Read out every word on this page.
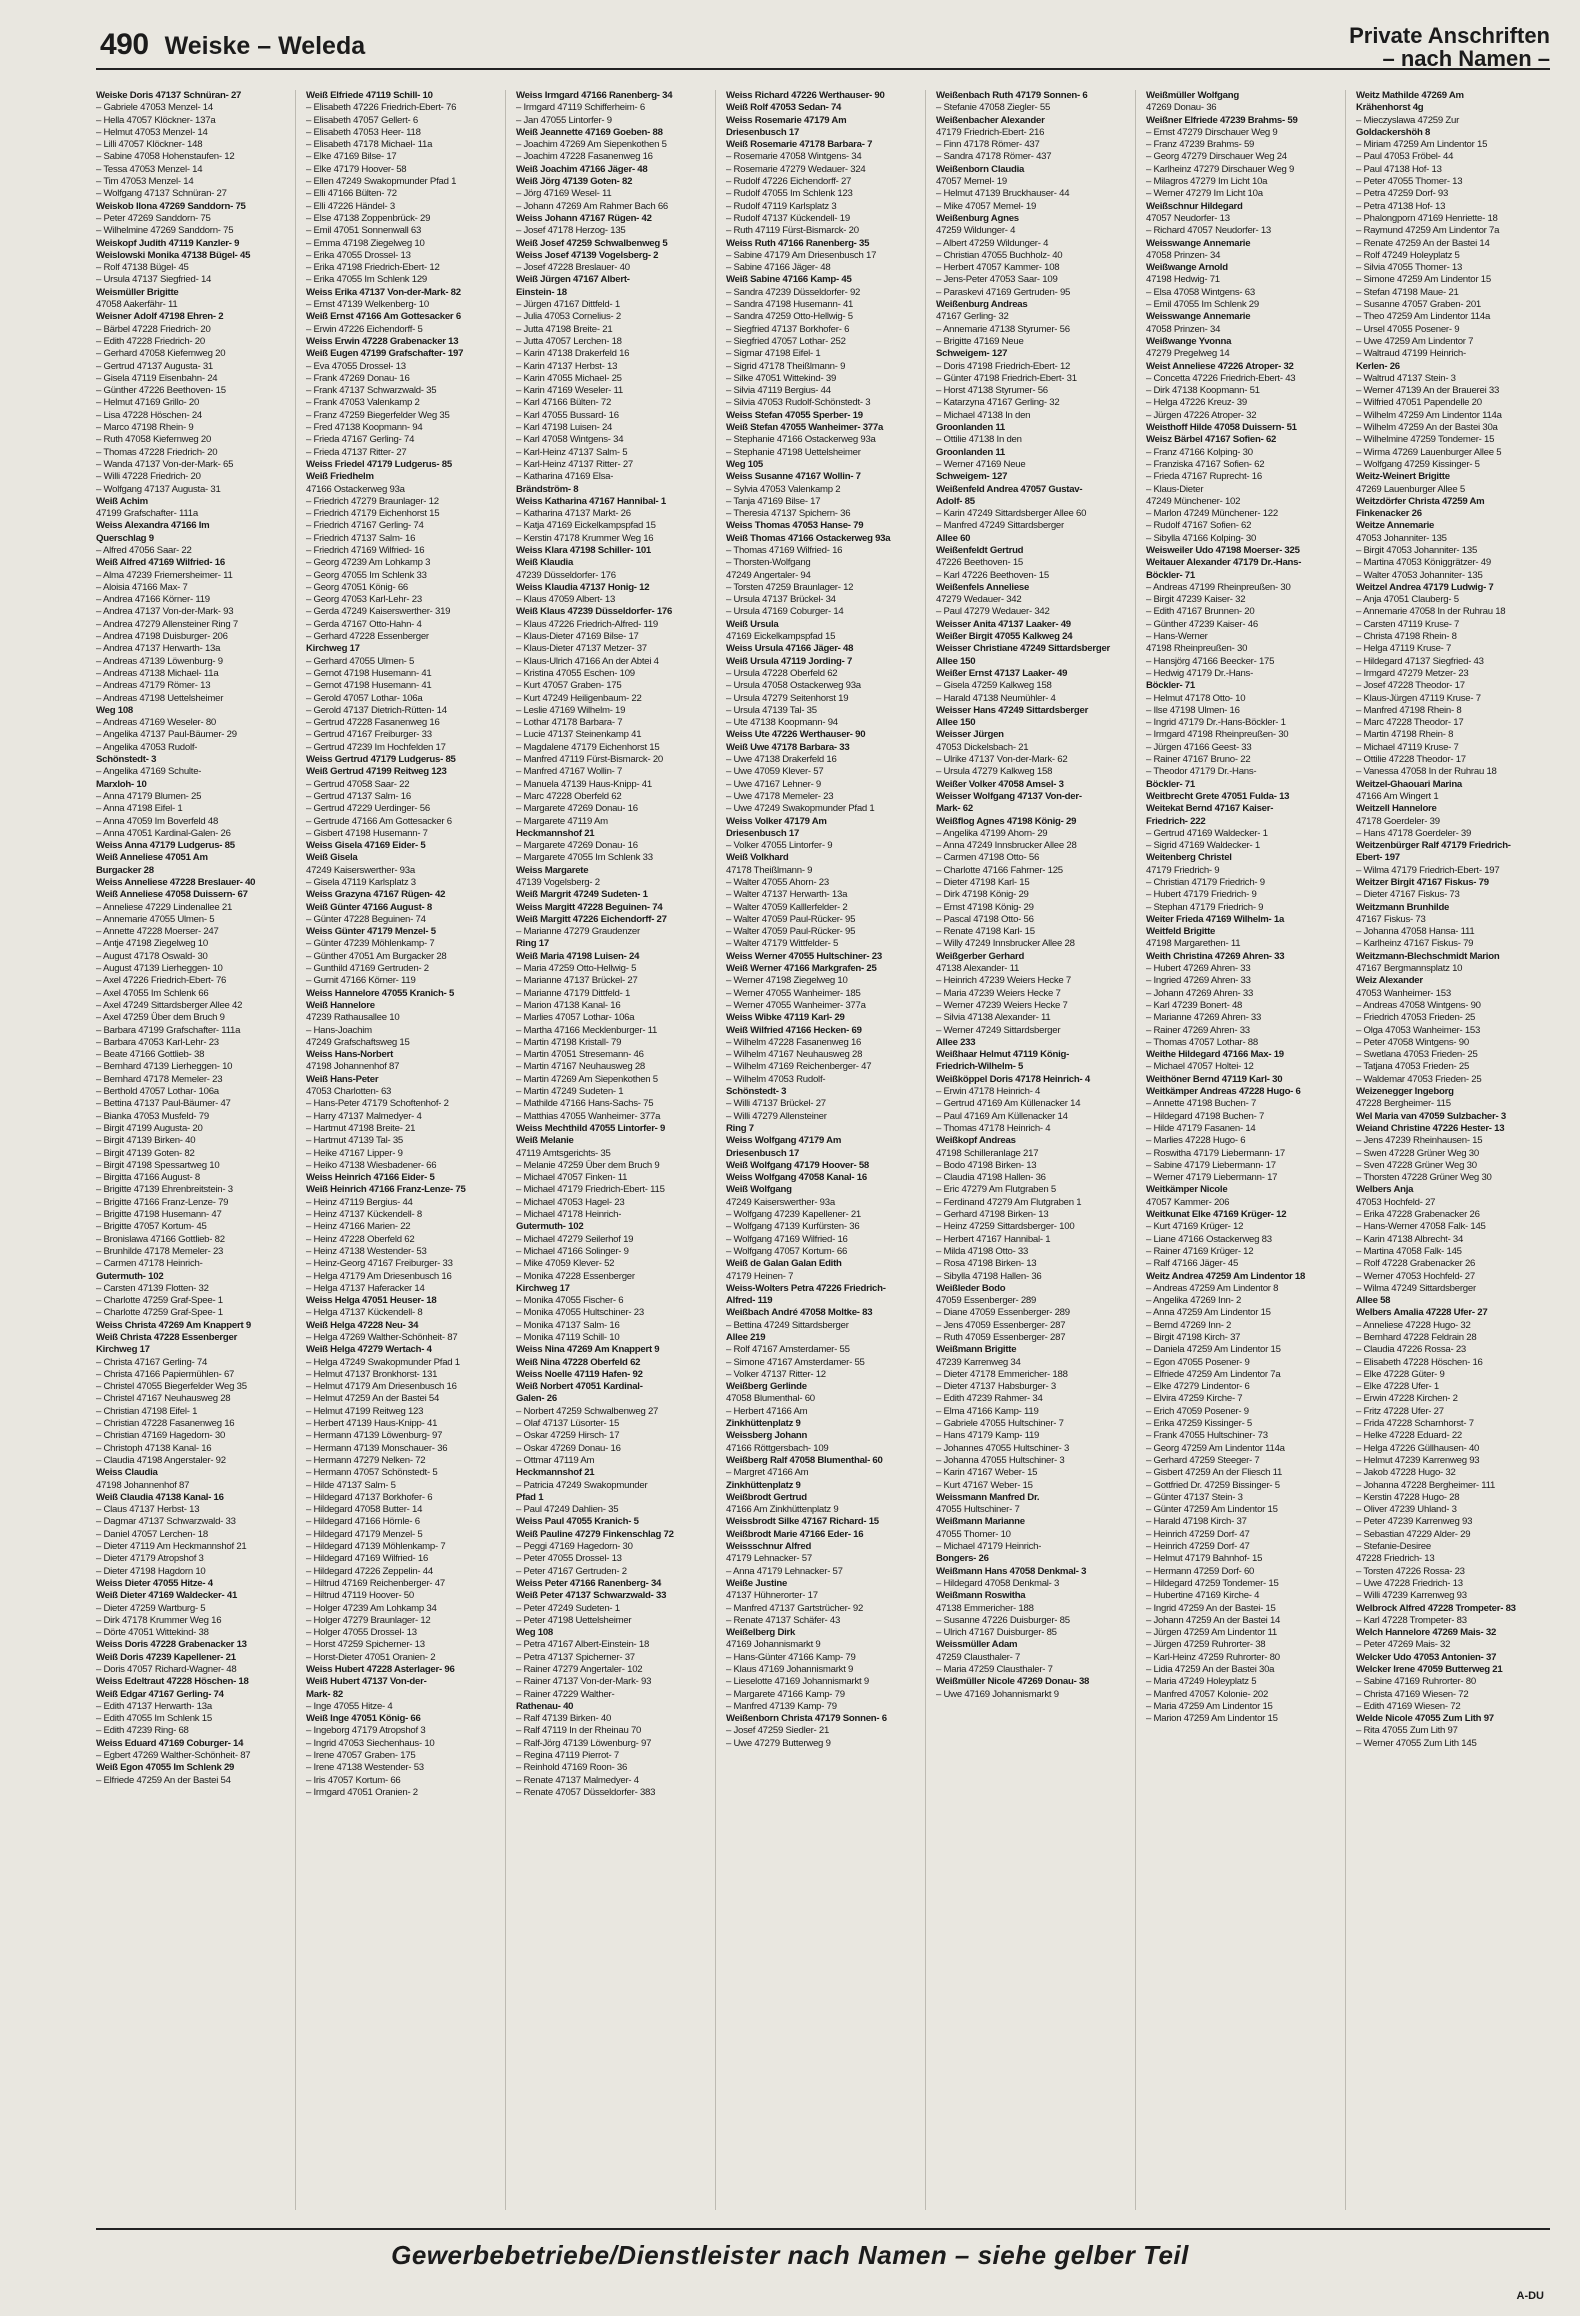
490 Weiske – Weleda	Private Anschriften
– nach Namen –
Weiske Doris 47137 Schnüran- 27
– Gabriele 47053 Menzel- 14
– Hella 47057 Klöckner- 137a
– Helmut 47053 Menzel- 14
– Lilli 47057 Klöckner- 148
– Sabine 47058 Hohenstaufen- 12
– Tessa 47053 Menzel- 14
– Tim 47053 Menzel- 14
– Wolfgang 47137 Schnüran- 27
Weiskob Ilona 47269 Sanddorn- 75
– Peter 47269 Sanddorn- 75
– Wilhelmine 47269 Sanddorn- 75
Weiskopf Judith 47119 Kanzler- 9
Weislowski Monika 47138 Bügel- 45
– Rolf 47138 Bügel- 45
– Ursula 47137 Siegfried- 14
Weismüller Brigitte
47058 Aakerfähr- 11
Weisner Adolf 47198 Ehren- 2
– Bärbel 47228 Friedrich- 20
– Edith 47228 Friedrich- 20
– Gerhard 47058 Kiefernweg 20
– Gertrud 47137 Augusta- 31
– Gisela 47119 Eisenbahn- 24
– Günther 47226 Beethoven- 15
– Helmut 47169 Grillo- 20
– Lisa 47228 Höschen- 24
– Marco 47198 Rhein- 9
– Ruth 47058 Kiefernweg 20
– Thomas 47228 Friedrich- 20
– Wanda 47137 Von-der-Mark- 65
– Willi 47228 Friedrich- 20
– Wolfgang 47137 Augusta- 31
Weiß Achim
47199 Grafschafter- 111a
Weiss Alexandra 47166 Im
Querschlag 9
– Alfred 47056 Saar- 22
Weiß Alfred 47169 Wilfried- 16
– Alma 47239 Friemersheimer- 11
– Aloisia 47166 Max- 7
– Andrea 47166 Körner- 119
– Andrea 47137 Von-der-Mark- 93
– Andrea 47279 Allensteiner Ring 7
– Andrea 47198 Duisburger- 206
– Andrea 47137 Herwarth- 13a
– Andreas 47139 Löwenburg- 9
– Andreas 47138 Michael- 11a
– Andreas 47179 Römer- 13
– Andreas 47198 Uettelsheimer
Weg 108
– Andreas 47169 Weseler- 80
– Angelika 47137 Paul-Bäumer- 29
– Angelika 47053 Rudolf-
Schönstedt- 3
– Angelika 47169 Schulte-
Marxloh- 10
– Anna 47179 Blumen- 25
– Anna 47198 Eifel- 1
– Anna 47059 Im Boverfeld 48
– Anna 47051 Kardinal-Galen- 26
Weiss Anna 47179 Ludgerus- 85
Weiß Anneliese 47051 Am
Burgacker 28
Weiss Anneliese 47228 Breslauer- 40
Weiß Anneliese 47058 Duissern- 67
– Anneliese 47229 Lindenallee 21
– Annemarie 47055 Ulmen- 5
– Annette 47228 Moerser- 247
– Antje 47198 Ziegelweg 10
– August 47178 Oswald- 30
– August 47139 Lierheggen- 10
– Axel 47226 Friedrich-Ebert- 76
– Axel 47055 Im Schlenk 66
– Axel 47249 Sittardsberger Allee 42
– Axel 47259 Über dem Bruch 9
– Barbara 47199 Grafschafter- 111a
– Barbara 47053 Karl-Lehr- 23
– Beate 47166 Gottlieb- 38
– Bernhard 47139 Lierheggen- 10
– Bernhard 47178 Memeler- 23
– Berthold 47057 Lothar- 106a
– Bettina 47137 Paul-Bäumer- 47
– Bianka 47053 Musfeld- 79
– Birgit 47199 Augusta- 20
– Birgit 47139 Birken- 40
– Birgit 47139 Goten- 82
– Birgit 47198 Spessartweg 10
– Birgitta 47166 August- 8
– Brigitte 47139 Ehrenbreitstein- 3
– Brigitte 47166 Franz-Lenze- 79
– Brigitte 47198 Husemann- 47
– Brigitte 47057 Kortum- 45
– Bronislawa 47166 Gottlieb- 82
– Brunhilde 47178 Memeler- 23
– Carmen 47178 Heinrich-
Gutermuth- 102
– Carsten 47139 Flotten- 32
– Charlotte 47259 Graf-Spee- 1
– Charlotte 47259 Graf-Spee- 1
Weiss Christa 47269 Am Knappert 9
Weiß Christa 47228 Essenberger
Kirchweg 17
– Christa 47167 Gerling- 74
– Christa 47166 Papiermühlen- 67
– Christel 47055 Biegerfelder Weg 35
– Christel 47167 Neuhausweg 28
– Christian 47198 Eifel- 1
– Christian 47228 Fasanenweg 16
– Christian 47169 Hagedorn- 30
– Christoph 47138 Kanal- 16
– Claudia 47198 Angerstaler- 92
Weiss Claudia
47198 Johannenhof 87
Weiß Claudia 47138 Kanal- 16
– Claus 47137 Herbst- 13
– Dagmar 47137 Schwarzwald- 33
– Daniel 47057 Lerchen- 18
– Dieter 47119 Am Heckmannshof 21
– Dieter 47179 Atropshof 3
– Dieter 47198 Hagdorn 10
Weiss Dieter 47055 Hitze- 4
Weiß Dieter 47169 Waldecker- 41
– Dieter 47259 Wartburg- 5
– Dirk 47178 Krummer Weg 16
– Dörte 47051 Wittekind- 38
Weiss Doris 47228 Grabenacker 13
Weiß Doris 47239 Kapellener- 21
– Doris 47057 Richard-Wagner- 48
Weiss Edeltraut 47228 Höschen- 18
Weiß Edgar 47167 Gerling- 74
– Edith 47137 Herwarth- 13a
– Edith 47055 Im Schlenk 15
– Edith 47239 Ring- 68
Weiss Eduard 47169 Coburger- 14
– Egbert 47269 Walther-Schönheit- 87
Weiß Egon 47055 Im Schlenk 29
– Elfriede 47259 An der Bastei 54
Weiß Elfriede 47119 Schill- 10
– Elisabeth 47226 Friedrich-Ebert- 76
– Elisabeth 47057 Gellert- 6
– Elisabeth 47053 Heer- 118
– Elisabeth 47178 Michael- 11a
– Elke 47169 Bilse- 17
– Elke 47179 Hoover- 58
– Ellen 47249 Swakopmunder Pfad 1
– Elli 47166 Bülten- 72
– Elli 47226 Händel- 3
– Else 47138 Zoppenbrück- 29
– Emil 47051 Sonnenwall 63
– Emma 47198 Ziegelweg 10
– Erika 47055 Drossel- 13
– Erika 47198 Friedrich-Ebert- 12
– Erika 47055 Im Schlenk 129
Weiss Erika 47137 Von-der-Mark- 82
– Ernst 47139 Welkenberg- 10
Weiß Ernst 47166 Am Gottesacker 6
– Erwin 47226 Eichendorff- 5
Weiss Erwin 47228 Grabenacker 13
Weiß Eugen 47199 Grafschafter- 197
– Eva 47055 Drossel- 13
– Frank 47269 Donau- 16
– Frank 47137 Schwarzwald- 35
– Frank 47053 Valenkamp 2
– Franz 47259 Biegerfelder Weg 35
– Fred 47138 Koopmann- 94
– Frieda 47167 Gerling- 74
– Frieda 47137 Ritter- 27
Weiss Friedel 47179 Ludgerus- 85
Weiß Friedhelm
47166 Ostackerweg 93a
– Friedrich 47279 Braunlager- 12
– Friedrich 47179 Eichenhorst 15
– Friedrich 47167 Gerling- 74
– Friedrich 47137 Salm- 16
– Friedrich 47169 Wilfried- 16
– Georg 47239 Am Lohkamp 3
– Georg 47055 Im Schlenk 33
– Georg 47051 König- 66
– Georg 47053 Karl-Lehr- 23
– Gerda 47249 Kaiserswerther- 319
– Gerda 47167 Otto-Hahn- 4
– Gerhard 47228 Essenberger
Kirchweg 17
– Gerhard 47055 Ulmen- 5
– Gernot 47198 Husemann- 41
– Gernot 47198 Husemann- 41
– Gerold 47057 Lothar- 106a
– Gerold 47137 Dietrich-Rütten- 14
– Gertrud 47228 Fasanenweg 16
– Gertrud 47167 Freiburger- 33
– Gertrud 47239 Im Hochfelden 17
Weiss Gertrud 47179 Ludgerus- 85
Weiß Gertrud 47199 Reitweg 123
– Gertrud 47058 Saar- 22
– Gertrud 47137 Salm- 16
– Gertrud 47229 Uerdinger- 56
– Gertrude 47166 Am Gottesacker 6
– Gisbert 47198 Husemann- 7
Weiss Gisela 47169 Eider- 5
Weiß Gisela
47249 Kaiserswerther- 93a
– Gisela 47119 Karlsplatz 3
Weiss Grazyna 47167 Rügen- 42
Weiß Günter 47166 August- 8
– Günter 47228 Beguinen- 74
Weiss Günter 47179 Menzel- 5
– Günter 47239 Möhlenkamp- 7
– Günther 47051 Am Burgacker 28
– Gunthild 47169 Gertruden- 2
– Gurnit 47166 Körner- 119
Weiss Hannelore 47055 Kranich- 5
Weiß Hannelore
47239 Rathausallee 10
– Hans-Joachim
47249 Grafschaftsweg 15
Weiss Hans-Norbert
47198 Johannenhof 87
Weiß Hans-Peter
47053 Charlotten- 63
– Hans-Peter 47179 Schoftenhof- 2
– Harry 47137 Malmedyer- 4
– Hartmut 47198 Breite- 21
– Hartmut 47139 Tal- 35
– Heike 47167 Lipper- 9
– Heiko 47138 Wiesbadener- 66
Weiss Heinrich 47166 Eider- 5
Weiß Heinrich 47166 Franz-Lenze- 75
– Heinz 47119 Bergius- 44
– Heinz 47137 Kückendell- 8
– Heinz 47166 Marien- 22
– Heinz 47228 Oberfeld 62
– Heinz 47138 Westender- 53
– Heinz-Georg 47167 Freiburger- 33
– Helga 47179 Am Driesenbusch 16
– Helga 47137 Haferacker 14
Weiss Helga 47051 Heuser- 18
– Helga 47137 Kückendell- 8
Weiß Helga 47228 Neu- 34
– Helga 47269 Walther-Schönheit- 87
Weiß Helga 47279 Wertach- 4
– Helga 47249 Swakopmunder Pfad 1
– Helmut 47137 Bronkhorst- 131
– Helmut 47179 Am Driesenbusch 16
– Helmut 47259 An der Bastei 54
– Helmut 47199 Reitweg 123
– Herbert 47139 Haus-Knipp- 41
– Hermann 47139 Löwenburg- 97
– Hermann 47139 Monschauer- 36
– Hermann 47279 Nelken- 72
– Hermann 47057 Schönstedt- 5
– Hilde 47137 Salm- 5
– Hildegard 47137 Borkhofer- 6
– Hildegard 47058 Butter- 14
– Hildegard 47166 Hörnle- 6
– Hildegard 47179 Menzel- 5
– Hildegard 47139 Möhlenkamp- 7
– Hildegard 47169 Wilfried- 16
– Hildegard 47226 Zeppelin- 44
– Hiltrud 47169 Reichenberger- 47
– Hiltrud 47119 Hoover- 50
– Holger 47239 Am Lohkamp 34
– Holger 47279 Braunlager- 12
– Holger 47055 Drossel- 13
– Horst 47259 Spicherner- 13
– Horst-Dieter 47051 Oranien- 2
Weiss Hubert 47228 Asterlager- 96
Weiß Hubert 47137 Von-der-
Mark- 82
– Inge 47055 Hitze- 4
Weiß Inge 47051 König- 66
– Ingeborg 47179 Atropshof 3
– Ingrid 47053 Siechenhaus- 10
– Irene 47057 Graben- 175
– Irene 47138 Westender- 53
– Iris 47057 Kortum- 66
– Irmgard 47051 Oranien- 2
Weiss Irmgard 47166 Ranenberg- 34
– Irmgard 47119 Schifferheim- 6
– Jan 47055 Lintorfer- 9
Weiß Jeannette 47169 Goeben- 88
– Joachim 47269 Am Siepenkothen 5
– Joachim 47228 Fasanenweg 16
Weiß Joachim 47166 Jäger- 48
Weiß Jörg 47139 Goten- 82
– Jörg 47169 Wesel- 11
– Johann 47269 Am Rahmer Bach 66
Weiss Johann 47167 Rügen- 42
– Josef 47178 Herzog- 135
Weiß Josef 47259 Schwalbenweg 5
Weiss Josef 47139 Vogelsberg- 2
– Josef 47228 Breslauer- 40
Weiß Jürgen 47167 Albert-
Einstein- 18
– Jürgen 47167 Dittfeld- 1
– Julia 47053 Cornelius- 2
– Jutta 47198 Breite- 21
– Jutta 47057 Lerchen- 18
– Karin 47138 Drakerfeld 16
– Karin 47137 Herbst- 13
– Karin 47055 Michael- 25
– Karin 47169 Weseler- 11
– Karl 47166 Bülten- 72
– Karl 47055 Bussard- 16
– Karl 47198 Luisen- 24
– Karl 47058 Wintgens- 34
– Karl-Heinz 47137 Salm- 5
– Karl-Heinz 47137 Ritter- 27
– Katharina 47169 Elsa-
Brändström- 8
Weiss Katharina 47167 Hannibal- 1
– Katharina 47137 Markt- 26
– Katja 47169 Eickelkampspfad 15
– Kerstin 47178 Krummer Weg 16
Weiss Klara 47198 Schiller- 101
Weiß Klaudia
47239 Düsseldorfer- 176
Weiss Klaudia 47137 Honig- 12
– Klaus 47059 Albert- 13
Weiß Klaus 47239 Düsseldorfer- 176
– Klaus 47226 Friedrich-Alfred- 119
– Klaus-Dieter 47169 Bilse- 17
– Klaus-Dieter 47137 Metzer- 37
– Klaus-Ulrich 47166 An der Abtei 4
– Kristina 47055 Eschen- 109
– Kurt 47057 Graben- 175
– Kurt 47249 Heiligenbaum- 22
– Leslie 47169 Wilhelm- 19
– Lothar 47178 Barbara- 7
– Lucie 47137 Steinenkamp 41
– Magdalene 47179 Eichenhorst 15
– Manfred 47119 Fürst-Bismarck- 20
– Manfred 47167 Wollin- 7
– Manuela 47139 Haus-Knipp- 41
– Marc 47228 Oberfeld 62
– Margarete 47269 Donau- 16
– Margarete 47119 Am
Heckmannshof 21
– Margarete 47269 Donau- 16
– Margarete 47055 Im Schlenk 33
Weiss Margarete
47139 Vogelsberg- 2
Weiß Margrit 47249 Sudeten- 1
Weiss Margitt 47228 Beguinen- 74
Weiß Margitt 47226 Eichendorff- 27
– Marianne 47279 Graudenzer
Ring 17
Weiß Maria 47198 Luisen- 24
– Maria 47259 Otto-Hellwig- 5
– Marianne 47137 Brückel- 27
– Marianne 47179 Dittfeld- 1
– Marion 47138 Kanal- 16
– Marlies 47057 Lothar- 106a
– Martha 47166 Mecklenburger- 11
– Martin 47198 Kristall- 79
– Martin 47051 Stresemann- 46
– Martin 47167 Neuhausweg 28
– Martin 47269 Am Siepenkothen 5
– Martin 47249 Sudeten- 1
– Mathilde 47166 Hans-Sachs- 75
– Matthias 47055 Wanheimer- 377a
Weiss Mechthild 47055 Lintorfer- 9
Weiß Melanie
47119 Amtsgerichts- 35
– Melanie 47259 Über dem Bruch 9
– Michael 47057 Finken- 11
– Michael 47179 Friedrich-Ebert- 115
– Michael 47053 Hagel- 23
– Michael 47178 Heinrich-
Gutermuth- 102
– Michael 47279 Seilerhof 19
– Michael 47166 Solinger- 9
– Mike 47059 Klever- 52
– Monika 47228 Essenberger
Kirchweg 17
– Monika 47055 Fischer- 6
– Monika 47055 Hultschiner- 23
– Monika 47137 Salm- 16
– Monika 47119 Schill- 10
Weiss Nina 47269 Am Knappert 9
Weiß Nina 47228 Oberfeld 62
Weiss Noelle 47119 Hafen- 92
Weiß Norbert 47051 Kardinal-
Galen- 26
– Norbert 47259 Schwalbenweg 27
– Olaf 47137 Lüsorter- 15
– Oskar 47259 Hirsch- 17
– Oskar 47269 Donau- 16
– Ottmar 47119 Am
Heckmannshof 21
– Patricia 47249 Swakopmunder
Pfad 1
– Paul 47249 Dahlien- 35
Weiss Paul 47055 Kranich- 5
Weiß Pauline 47279 Finkenschlag 72
– Peggi 47169 Hagedorn- 30
– Peter 47055 Drossel- 13
– Peter 47167 Gertruden- 2
Weiss Peter 47166 Ranenberg- 34
Weiß Peter 47137 Schwarzwald- 33
– Peter 47249 Sudeten- 1
– Peter 47198 Uettelsheimer
Weg 108
– Petra 47167 Albert-Einstein- 18
– Petra 47137 Spicherner- 37
– Rainer 47279 Angertaler- 102
– Rainer 47137 Von-der-Mark- 93
– Rainer 47229 Walther-
Rathenau- 40
– Ralf 47139 Birken- 40
– Ralf 47119 In der Rheinau 70
– Ralf-Jörg 47139 Löwenburg- 97
– Regina 47119 Pierrot- 7
– Reinhold 47169 Roon- 36
– Renate 47137 Malmedyer- 4
– Renate 47057 Düsseldorfer- 383
Weiss Richard 47226 Werthauser- 90
Weiß Rolf 47053 Sedan- 74
Weiss Rosemarie 47179 Am
Driesenbusch 17
Weiß Rosemarie 47178 Barbara- 7
– Rosemarie 47058 Wintgens- 34
– Rosemarie 47279 Wedauer- 324
– Rudolf 47226 Eichendorff- 27
– Rudolf 47055 Im Schlenk 123
– Rudolf 47119 Karlsplatz 3
– Rudolf 47137 Kückendell- 19
– Ruth 47119 Fürst-Bismarck- 20
Weiss Ruth 47166 Ranenberg- 35
– Sabine 47179 Am Driesenbusch 17
– Sabine 47166 Jäger- 48
Weiß Sabine 47166 Kamp- 45
– Sandra 47239 Düsseldorfer- 92
– Sandra 47198 Husemann- 41
– Sandra 47259 Otto-Hellwig- 5
– Siegfried 47137 Borkhofer- 6
– Siegfried 47057 Lothar- 252
– Sigmar 47198 Eifel- 1
– Sigrid 47178 Theißlmann- 9
– Silke 47051 Wittekind- 39
– Silvia 47119 Bergius- 44
– Silvia 47053 Rudolf-Schönstedt- 3
Weiss Stefan 47055 Sperber- 19
Weiß Stefan 47055 Wanheimer- 377a
– Stephanie 47166 Ostackerweg 93a
– Stephanie 47198 Uettelsheimer
Weg 105
Weiss Susanne 47167 Wollin- 7
– Sylvia 47053 Valenkamp 2
– Tanja 47169 Bilse- 17
– Theresia 47137 Spichern- 36
Weiss Thomas 47053 Hanse- 79
Weiß Thomas 47166 Ostackerweg 93a
– Thomas 47169 Wilfried- 16
– Thorsten-Wolfgang
47249 Angertaler- 94
– Torsten 47259 Braunlager- 12
– Ursula 47137 Brückel- 34
– Ursula 47169 Coburger- 14
Weiß Ursula
47169 Eickelkampspfad 15
Weiss Ursula 47166 Jäger- 48
Weiß Ursula 47119 Jording- 7
– Ursula 47228 Oberfeld 62
– Ursula 47058 Ostackerweg 93a
– Ursula 47279 Seitenhorst 19
– Ursula 47139 Tal- 35
– Ute 47138 Koopmann- 94
Weiss Ute 47226 Werthauser- 90
Weiß Uwe 47178 Barbara- 33
– Uwe 47138 Drakerfeld 16
– Uwe 47059 Klever- 57
– Uwe 47167 Lehner- 9
– Uwe 47178 Memeler- 23
– Uwe 47249 Swakopmunder Pfad 1
Weiss Volker 47179 Am
Driesenbusch 17
– Volker 47055 Lintorfer- 9
Weiß Volkhard
47178 Theißlmann- 9
– Walter 47055 Ahorn- 23
– Walter 47137 Herwarth- 13a
– Walter 47059 Kalllerfelder- 2
– Walter 47059 Paul-Rücker- 95
– Walter 47059 Paul-Rücker- 95
– Walter 47179 Wittfelder- 5
Weiss Werner 47055 Hultschiner- 23
Weiß Werner 47166 Markgrafen- 25
– Werner 47198 Ziegelweg 10
– Werner 47055 Wanheimer- 185
– Werner 47055 Wanheimer- 377a
Weiss Wibke 47119 Karl- 29
Weiß Wilfried 47166 Hecken- 69
– Wilhelm 47228 Fasanenweg 16
– Wilhelm 47167 Neuhausweg 28
– Wilhelm 47169 Reichenberger- 47
– Wilhelm 47053 Rudolf-
Schönstedt- 3
– Willi 47137 Brückel- 27
– Willi 47279 Allensteiner
Ring 7
Weiss Wolfgang 47179 Am
Driesenbusch 17
Weiß Wolfgang 47179 Hoover- 58
Weiss Wolfgang 47058 Kanal- 16
Weiß Wolfgang
47249 Kaiserswerther- 93a
– Wolfgang 47239 Kapellener- 21
– Wolfgang 47139 Kurfürsten- 36
– Wolfgang 47169 Wilfried- 16
– Wolfgang 47057 Kortum- 66
Weiß de Galan Galan Edith
47179 Heinen- 7
Weiss-Wolters Petra 47226 Friedrich-
Alfred- 119
Weißbach André 47058 Moltke- 83
– Bettina 47249 Sittardsberger
Allee 219
– Rolf 47167 Amsterdamer- 55
– Simone 47167 Amsterdamer- 55
– Volker 47137 Ritter- 12
Weißberg Gerlinde
47058 Blumenthal- 60
– Herbert 47166 Am
Zinkhüttenplatz 9
Weissberg Johann
47166 Röttgersbach- 109
Weißberg Ralf 47058 Blumenthal- 60
– Margret 47166 Am
Zinkhüttenplatz 9
Weißbrodt Gertrud
47166 Am Zinkhüttenplatz 9
Weissbrodt Silke 47167 Richard- 15
Weißbrodt Marie 47166 Eder- 16
Weissschnur Alfred
47179 Lehnacker- 57
– Anna 47179 Lehnacker- 57
Weiße Justine
47137 Hühnerorter- 17
– Manfred 47137 Gartstrücher- 92
– Renate 47137 Schäfer- 43
Weißelberg Dirk
47169 Johannismarkt 9
– Hans-Günter 47166 Kamp- 79
– Klaus 47169 Johannismarkt 9
– Lieselotte 47169 Johannismarkt 9
– Margarete 47166 Kamp- 79
– Manfred 47139 Kamp- 79
Weißenborn Christa 47179 Sonnen- 6
– Josef 47259 Siedler- 21
– Uwe 47279 Butterweg 9
Weißenbach Ruth 47179 Sonnen- 6
– Stefanie 47058 Ziegler- 55
Weißenbacher Alexander
47179 Friedrich-Ebert- 216
– Finn 47178 Römer- 437
– Sandra 47178 Römer- 437
Weißenborn Claudia
47057 Memel- 19
– Helmut 47139 Bruckhauser- 44
– Mike 47057 Memel- 19
Weißenburg Agnes
47259 Wildunger- 4
– Albert 47259 Wildunger- 4
– Christian 47055 Buchholz- 40
– Herbert 47057 Kammer- 108
– Jens-Peter 47053 Saar- 109
– Paraskevi 47169 Gertruden- 95
Weißenburg Andreas
47167 Gerling- 32
– Annemarie 47138 Styrumer- 56
– Brigitte 47169 Neue
Schweigem- 127
– Doris 47198 Friedrich-Ebert- 12
– Günter 47198 Friedrich-Ebert- 31
– Horst 47138 Styrumer- 56
– Katarzyna 47167 Gerling- 32
– Michael 47138 In den
Groonlanden 11
– Ottilie 47138 In den
Groonlanden 11
– Werner 47169 Neue
Schweigem- 127
Weißenfeld Andrea 47057 Gustav-
Adolf- 85
– Karin 47249 Sittardsberger Allee 60
– Manfred 47249 Sittardsberger
Allee 60
Weißenfeldt Gertrud
47226 Beethoven- 15
– Karl 47226 Beethoven- 15
Weißenfels Anneliese
47279 Wedauer- 342
– Paul 47279 Wedauer- 342
Weisser Anita 47137 Laaker- 49
Weißer Birgit 47055 Kalkweg 24
Weisser Christiane 47249 Sittardsberger
Allee 150
Weißer Ernst 47137 Laaker- 49
– Gisela 47259 Kalkweg 158
– Harald 47138 Neumühler- 4
Weisser Hans 47249 Sittardsberger
Allee 150
Weisser Jürgen
47053 Dickelsbach- 21
– Ulrike 47137 Von-der-Mark- 62
– Ursula 47279 Kalkweg 158
Weißer Volker 47058 Amsel- 3
Weisser Wolfgang 47137 Von-der-
Mark- 62
Weißflog Agnes 47198 König- 29
– Angelika 47199 Ahorn- 29
– Anna 47249 Innsbrucker Allee 28
– Carmen 47198 Otto- 56
– Charlotte 47166 Fahrner- 125
– Dieter 47198 Karl- 15
– Dirk 47198 König- 29
– Ernst 47198 König- 29
– Pascal 47198 Otto- 56
– Renate 47198 Karl- 15
– Willy 47249 Innsbrucker Allee 28
Weißgerber Gerhard
47138 Alexander- 11
– Heinrich 47239 Weiers Hecke 7
– Maria 47239 Weiers Hecke 7
– Werner 47239 Weiers Hecke 7
– Silvia 47138 Alexander- 11
– Werner 47249 Sittardsberger
Allee 233
Weißhaar Helmut 47119 König-
Friedrich-Wilhelm- 5
Weißköppel Doris 47178 Heinrich- 4
– Erwin 47178 Heinrich- 4
– Gertrud 47169 Am Küllenacker 14
– Paul 47169 Am Küllenacker 14
– Thomas 47178 Heinrich- 4
Weißkopf Andreas
47198 Schilleranlage 217
– Bodo 47198 Birken- 13
– Claudia 47198 Hallen- 36
– Eric 47279 Am Flutgraben 5
– Ferdinand 47279 Am Flutgraben 1
– Gerhard 47198 Birken- 13
– Heinz 47259 Sittardsberger- 100
– Herbert 47167 Hannibal- 1
– Milda 47198 Otto- 33
– Rosa 47198 Birken- 13
– Sibylla 47198 Hallen- 36
Weißleder Bodo
47059 Essenberger- 289
– Diane 47059 Essenberger- 289
– Jens 47059 Essenberger- 287
– Ruth 47059 Essenberger- 287
Weißmann Brigitte
47239 Karrenweg 34
– Dieter 47178 Emmericher- 188
– Dieter 47137 Habsburger- 3
– Edith 47239 Rahmer- 34
– Elma 47166 Kamp- 119
– Gabriele 47055 Hultschiner- 7
– Hans 47179 Kamp- 119
– Johannes 47055 Hultschiner- 3
– Johanna 47055 Hultschiner- 3
– Karin 47167 Weber- 15
– Kurt 47167 Weber- 15
Weissmann Manfred Dr.
47055 Hultschiner- 7
Weißmann Marianne
47055 Thomer- 10
– Michael 47179 Heinrich-
Bongers- 26
Weißmann Hans 47058 Denkmal- 3
– Hildegard 47058 Denkmal- 3
Weißmann Roswitha
47138 Emmericher- 188
– Susanne 47226 Duisburger- 85
– Ulrich 47167 Duisburger- 85
Weissmüller Adam
47259 Clausthaler- 7
– Maria 47259 Clausthaler- 7
Weißmüller Nicole 47269 Donau- 38
– Uwe 47169 Johannismarkt 9
Weißmüller Wolfgang
47269 Donau- 36
Weißner Elfriede 47239 Brahms- 59
– Ernst 47279 Dirschauer Weg 9
– Franz 47239 Brahms- 59
– Georg 47279 Dirschauer Weg 24
– Karlheinz 47279 Dirschauer Weg 9
– Milagros 47279 Im Licht 10a
– Werner 47279 Im Licht 10a
Weißschnur Hildegard
47057 Neudorfer- 13
– Richard 47057 Neudorfer- 13
Weisswange Annemarie
47058 Prinzen- 34
Weißwange Arnold
47198 Hedwig- 71
– Elsa 47058 Wintgens- 63
– Emil 47055 Im Schlenk 29
Weisswange Annemarie
47058 Prinzen- 34
Weißwange Yvonna
47279 Pregelweg 14
Weist Anneliese 47226 Atroper- 32
– Concetta 47226 Friedrich-Ebert- 43
– Dirk 47138 Koopmann- 51
– Helga 47226 Kreuz- 39
– Jürgen 47226 Atroper- 32
Weisthoff Hilde 47058 Duissern- 51
Weisz Bärbel 47167 Sofien- 62
– Franz 47166 Kolping- 30
– Franziska 47167 Sofien- 62
– Frieda 47167 Ruprecht- 16
– Klaus-Dieter
47249 Münchener- 102
– Marlon 47249 Münchener- 122
– Rudolf 47167 Sofien- 62
– Sibylla 47166 Kolping- 30
Weisweiler Udo 47198 Moerser- 325
Weitauer Alexander 47179 Dr.-Hans-
Böckler- 71
– Andreas 47199 Rheinpreußen- 30
– Birgit 47239 Kaiser- 32
– Edith 47167 Brunnen- 20
– Günther 47239 Kaiser- 46
– Hans-Werner
47198 Rheinpreußen- 30
– Hansjörg 47166 Beecker- 175
– Hedwig 47179 Dr.-Hans-
Böckler- 71
– Helmut 47178 Otto- 10
– Ilse 47198 Ulmen- 16
– Ingrid 47179 Dr.-Hans-Böckler- 1
– Irmgard 47198 Rheinpreußen- 30
– Jürgen 47166 Geest- 33
– Rainer 47167 Bruno- 22
– Theodor 47179 Dr.-Hans-
Böckler- 71
Weitbrecht Grete 47051 Fulda- 13
Weitekat Bernd 47167 Kaiser-
Friedrich- 222
– Gertrud 47169 Waldecker- 1
– Sigrid 47169 Waldecker- 1
Weitenberg Christel
47179 Friedrich- 9
– Christian 47179 Friedrich- 9
– Hubert 47179 Friedrich- 9
– Stephan 47179 Friedrich- 9
Weiter Frieda 47169 Wilhelm- 1a
Weitfeld Brigitte
47198 Margarethen- 11
Weith Christina 47269 Ahren- 33
– Hubert 47269 Ahren- 33
– Ingried 47269 Ahren- 33
– Johann 47269 Ahren- 33
– Karl 47239 Bonert- 48
– Marianne 47269 Ahren- 33
– Rainer 47269 Ahren- 33
– Thomas 47057 Lothar- 88
Weithe Hildegard 47166 Max- 19
– Michael 47057 Holtei- 12
Weithöner Bernd 47119 Karl- 30
Weitkämper Andreas 47228 Hugo- 6
– Annette 47198 Buchen- 7
– Hildegard 47198 Buchen- 7
– Hilde 47179 Fasanen- 14
– Marlies 47228 Hugo- 6
– Roswitha 47179 Liebermann- 17
– Sabine 47179 Liebermann- 17
– Werner 47179 Liebermann- 17
Weitkämper Nicole
47057 Kammer- 206
Weitkunat Elke 47169 Krüger- 12
– Kurt 47169 Krüger- 12
– Liane 47166 Ostackerweg 83
– Rainer 47169 Krüger- 12
– Ralf 47166 Jäger- 45
Weitz Andrea 47259 Am Lindentor 18
– Andreas 47259 Am Lindentor 8
– Angelika 47269 Inn- 2
– Anna 47259 Am Lindentor 15
– Bernd 47269 Inn- 2
– Birgit 47198 Kirch- 37
– Daniela 47259 Am Lindentor 15
– Egon 47055 Posener- 9
– Elfriede 47259 Am Lindentor 7a
– Elke 47279 Lindentor- 6
– Elvira 47259 Kirche- 7
– Erich 47059 Posener- 9
– Erika 47259 Kissinger- 5
– Frank 47055 Hultschiner- 73
– Georg 47259 Am Lindentor 114a
– Gerhard 47259 Steeger- 7
– Gisbert 47259 An der Fliesch 11
– Gottfried Dr. 47259 Bissinger- 5
– Günter 47137 Stein- 3
– Günter 47259 Am Lindentor 15
– Harald 47198 Kirch- 37
– Heinrich 47259 Dorf- 47
– Heinrich 47259 Dorf- 47
– Helmut 47179 Bahnhof- 15
– Hermann 47259 Dorf- 60
– Hildegard 47259 Tondemer- 15
– Hubertine 47169 Kirche- 4
– Ingrid 47259 An der Bastei- 15
– Johann 47259 An der Bastei 14
– Jürgen 47259 Am Lindentor 11
– Jürgen 47259 Ruhrorter- 38
– Karl-Heinz 47259 Ruhrorter- 80
– Lidia 47259 An der Bastei 30a
– Maria 47249 Holeyplatz 5
– Manfred 47057 Kolonie- 202
– Maria 47259 Am Lindentor 15
– Marion 47259 Am Lindentor 15
Weitz Mathilde 47269 Am
Krähenhorst 4g
– Mieczyslawa 47259 Zur
Goldackershöh 8
– Miriam 47259 Am Lindentor 15
– Paul 47053 Fröbel- 44
– Paul 47138 Hof- 13
– Peter 47055 Thomer- 13
– Petra 47259 Dorf- 93
– Petra 47138 Hof- 13
– Phalongporn 47169 Henriette- 18
– Raymund 47259 Am Lindentor 7a
– Renate 47259 An der Bastei 14
– Rolf 47249 Holeyplatz 5
– Silvia 47055 Thomer- 13
– Simone 47259 Am Lindentor 15
– Stefan 47198 Maue- 21
– Susanne 47057 Graben- 201
– Theo 47259 Am Lindentor 114a
– Ursel 47055 Posener- 9
– Uwe 47259 Am Lindentor 7
– Waltraud 47199 Heinrich-
Kerlen- 26
– Waltrud 47137 Stein- 3
– Werner 47139 An der Brauerei 33
– Wilfried 47051 Papendelle 20
– Wilhelm 47259 Am Lindentor 114a
– Wilhelm 47259 An der Bastei 30a
– Wilhelmine 47259 Tondemer- 15
– Wirma 47269 Lauenburger Allee 5
– Wolfgang 47259 Kissinger- 5
Weitz-Weinert Brigitte
47269 Lauenburger Allee 5
Weitzdörfer Christa 47259 Am
Finkenacker 26
Weitze Annemarie
47053 Johanniter- 135
– Birgit 47053 Johanniter- 135
– Martina 47053 Königgrätzer- 49
– Walter 47053 Johanniter- 135
Weitzel Andrea 47179 Ludwig- 7
– Anja 47051 Clauberg- 5
– Annemarie 47058 In der Ruhrau 18
– Carsten 47119 Kruse- 7
– Christa 47198 Rhein- 8
– Helga 47119 Kruse- 7
– Hildegard 47137 Siegfried- 43
– Irmgard 47279 Metzer- 23
– Josef 47228 Theodor- 17
– Klaus-Jürgen 47119 Kruse- 7
– Manfred 47198 Rhein- 8
– Marc 47228 Theodor- 17
– Martin 47198 Rhein- 8
– Michael 47119 Kruse- 7
– Ottilie 47228 Theodor- 17
– Vanessa 47058 In der Ruhrau 18
Weitzel-Ghaouari Marina
47166 Am Wingert 1
Weitzell Hannelore
47178 Goerdeler- 39
– Hans 47178 Goerdeler- 39
Weitzenbürger Ralf 47179 Friedrich-
Ebert- 197
– Wilma 47179 Friedrich-Ebert- 197
Weitzer Birgit 47167 Fiskus- 79
– Dieter 47167 Fiskus- 73
Weitzmann Brunhilde
47167 Fiskus- 73
– Johanna 47058 Hansa- 111
– Karlheinz 47167 Fiskus- 79
Weitzmann-Blechschmidt Marion
47167 Bergmannsplatz 10
Weiz Alexander
47053 Wanheimer- 153
– Andreas 47058 Wintgens- 90
– Friedrich 47053 Frieden- 25
– Olga 47053 Wanheimer- 153
– Peter 47058 Wintgens- 90
– Swetlana 47053 Frieden- 25
– Tatjana 47053 Frieden- 25
– Waldemar 47053 Frieden- 25
Weizenegger Ingeborg
47228 Bergheimer- 115
Wel Maria van 47059 Sulzbacher- 3
Weiand Christine 47226 Hester- 13
– Jens 47239 Rheinhausen- 15
– Swen 47228 Grüner Weg 30
– Sven 47228 Grüner Weg 30
– Thorsten 47228 Grüner Weg 30
Welbers Anja
47053 Hochfeld- 27
– Erika 47228 Grabenacker 26
– Hans-Werner 47058 Falk- 145
– Karin 47138 Albrecht- 34
– Martina 47058 Falk- 145
– Rolf 47228 Grabenacker 26
– Werner 47053 Hochfeld- 27
– Wilma 47249 Sittardsberger
Allee 58
Welbers Amalia 47228 Ufer- 27
– Anneliese 47228 Hugo- 32
– Bernhard 47228 Feldrain 28
– Claudia 47226 Rossa- 23
– Elisabeth 47228 Höschen- 16
– Elke 47228 Güter- 9
– Elke 47228 Ufer- 1
– Erwin 47228 Kirchen- 2
– Fritz 47228 Ufer- 27
– Frida 47228 Scharnhorst- 7
– Helke 47228 Eduard- 22
– Helga 47226 Güllhausen- 40
– Helmut 47239 Karrenweg 93
– Jakob 47228 Hugo- 32
– Johanna 47228 Bergheimer- 111
– Kerstin 47228 Hugo- 28
– Oliver 47239 Uhland- 3
– Peter 47239 Karrenweg 93
– Sebastian 47229 Alder- 29
– Stefanie-Desiree
47228 Friedrich- 13
– Torsten 47226 Rossa- 23
– Uwe 47228 Friedrich- 13
– Willi 47239 Karrenweg 93
Welbrock Alfred 47228 Trompeter- 83
– Karl 47228 Trompeter- 83
Welch Hannelore 47269 Mais- 32
– Peter 47269 Mais- 32
Welcker Udo 47053 Antonien- 37
Welcker Irene 47059 Butterweg 21
– Sabine 47169 Ruhrorter- 80
– Christa 47169 Wiesen- 72
– Edith 47169 Wiesen- 72
Welde Nicole 47055 Zum Lith 97
– Rita 47055 Zum Lith 97
– Werner 47055 Zum Lith 145
Gewerbebetriebe/Dienstleister nach Namen – siehe gelber Teil
A-DU
